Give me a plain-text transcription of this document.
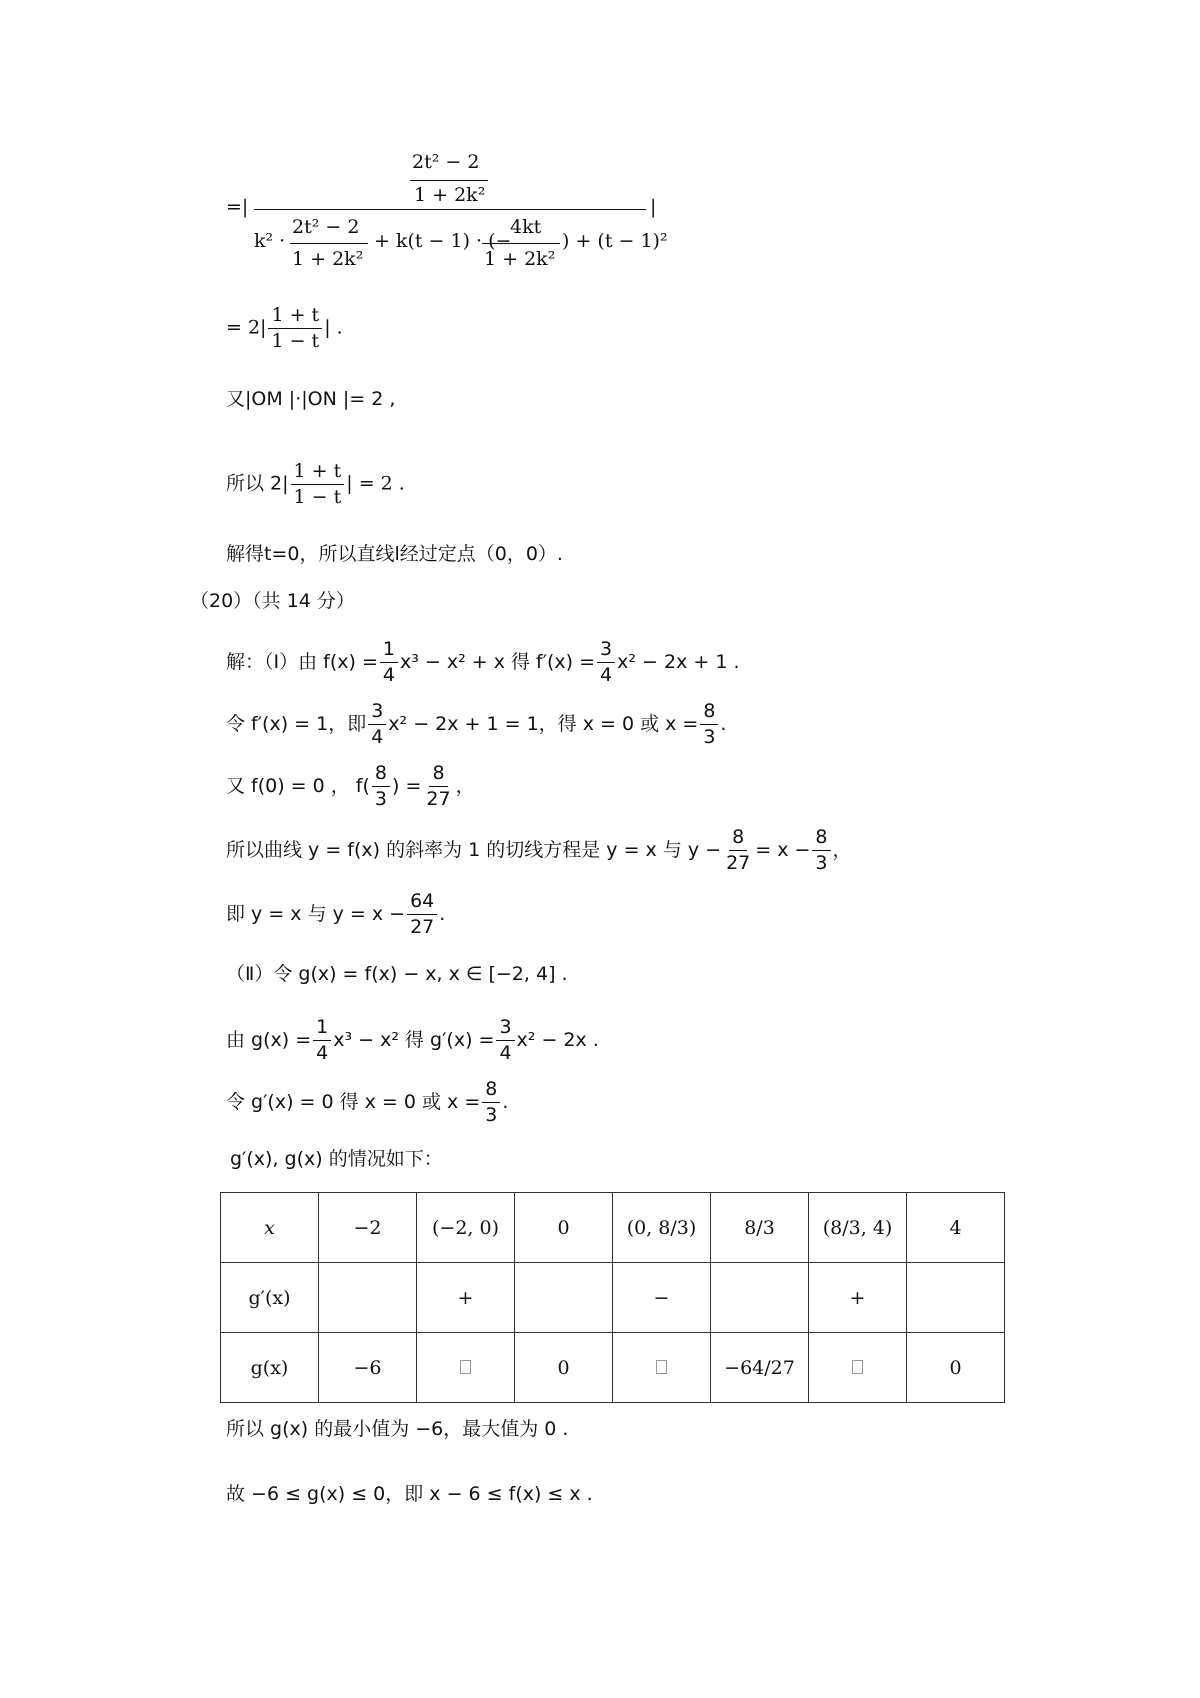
=|
2t² − 2
1 + 2k²
|
k² ·
2t² − 2
1 + 2k²
+ k(t − 1) · (−
4kt
1 + 2k²
) + (t − 1)²
= $2| \frac{1 + t}{1 - t}$ | .
又|OM |·|ON |= 2 ,
所以 $2| \frac{1 + t}{1 - t}$ | = 2 .
解得t=0，所以直线l经过定点（0，0）.
（20）（共 14 分）
解：（Ⅰ）由 $f(x) = \frac{1}{4} x^3 - x^2 + x$ 得 $f'(x) = \frac{3}{4} x^2 - 2x + 1$ .
令 f′(x) = 1，即 $\frac{3}{4} x^2 - 2x + 1 = 1$，得 x = 0 或 $x = \frac{8}{3}$ .
又 f(0) = 0 ， $f( \frac{8}{3}$ ) = $\frac{8}{27}$ ，
所以曲线 y = f(x) 的斜率为 1 的切线方程是 y = x 与 $y - \frac{8}{27} = x - \frac{8}{3}$ ，
即 y = x 与 $y = x - \frac{64}{27}$ .
（Ⅱ）令 g(x) = f(x) − x, x ∈ [−2, 4] .
由 $g(x) = \frac{1}{4} x^3 - x^2$ 得 $g'(x) = \frac{3}{4} x^2 - 2x$ .
令 g′(x) = 0 得 x = 0 或 $x = \frac{8}{3}$ .
g′(x), g(x) 的情况如下：
x	−2	(−2, 0)	0	(0, 8/3)	8/3	(8/3, 4)	4
g′(x)		+		−		+	
g(x)	−6		0		−64/27		0
所以 g(x) 的最小值为 −6，最大值为 0 .
故 −6 ≤ g(x) ≤ 0，即 x − 6 ≤ f(x) ≤ x .
